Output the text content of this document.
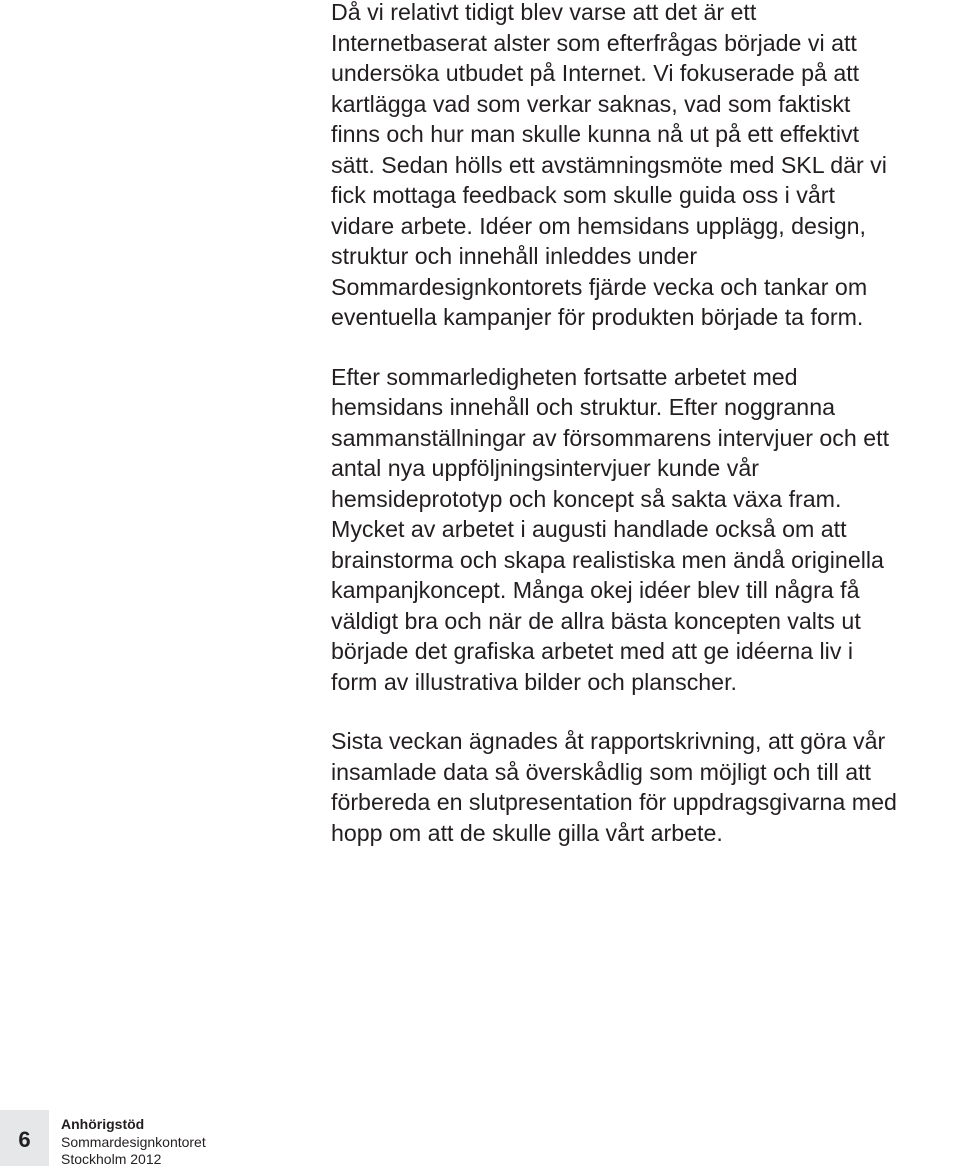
Då vi relativt tidigt blev varse att det är ett
Internetbaserat alster som efterfrågas började vi att
undersöka utbudet på Internet. Vi fokuserade på att
kartlägga vad som verkar saknas, vad som faktiskt
finns och hur man skulle kunna nå ut på ett effektivt
sätt. Sedan hölls ett avstämningsmöte med SKL där vi
fick mottaga feedback som skulle guida oss i vårt
vidare arbete. Idéer om hemsidans upplägg, design,
struktur och innehåll inleddes under
Sommardesignkontorets fjärde vecka och tankar om
eventuella kampanjer för produkten började ta form.

Efter sommarledigheten fortsatte arbetet med
hemsidans innehåll och struktur. Efter noggranna
sammanställningar av försommarens intervjuer och ett
antal nya uppföljningsintervjuer kunde vår
hemsideprototyp och koncept så sakta växa fram.
Mycket av arbetet i augusti handlade också om att
brainstorma och skapa realistiska men ändå originella
kampanjkoncept. Många okej idéer blev till några få
väldigt bra och när de allra bästa koncepten valts ut
började det grafiska arbetet med att ge idéerna liv i
form av illustrativa bilder och planscher.

Sista veckan ägnades åt rapportskrivning, att göra vår
insamlade data så överskådlig som möjligt och till att
förbereda en slutpresentation för uppdragsgivarna med
hopp om att de skulle gilla vårt arbete.

6
Anhörigstöd
Sommardesignkontoret
Stockholm 2012
